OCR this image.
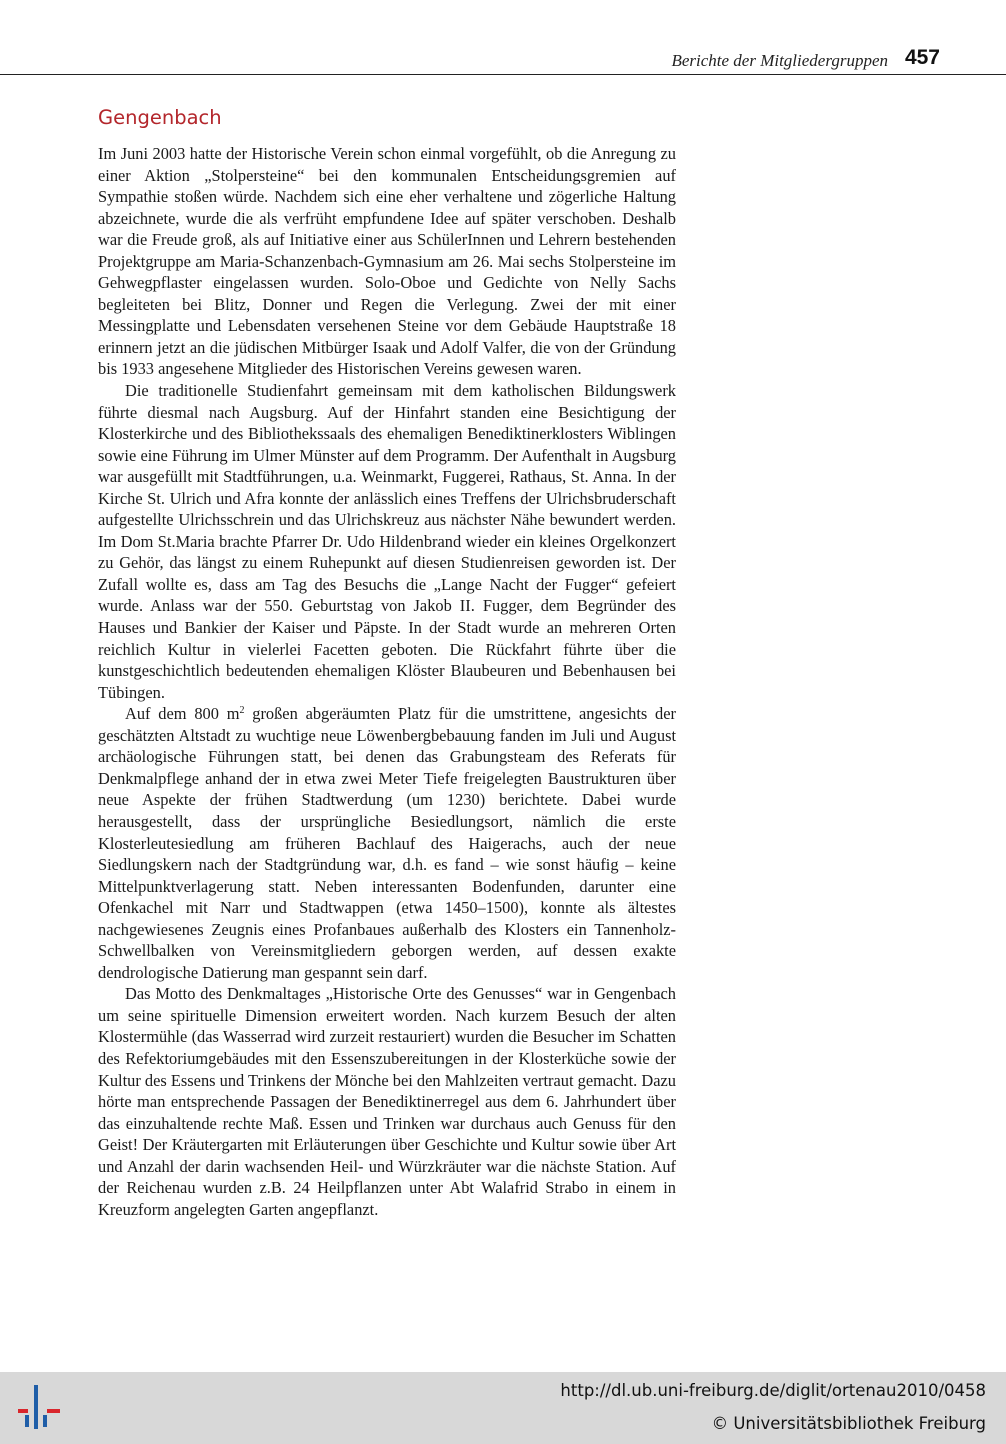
Berichte der Mitgliedergruppen 457
Gengenbach

Im Juni 2003 hatte der Historische Verein schon einmal vorgefühlt, ob die Anregung zu einer Aktion „Stolpersteine“ bei den kommunalen Entscheidungsgremien auf Sympathie stoßen würde. Nachdem sich eine eher verhaltene und zögerliche Haltung abzeichnete, wurde die als verfrüht empfundene Idee auf später verschoben. Deshalb war die Freude groß, als auf Initiative einer aus SchülerInnen und Lehrern bestehenden Projektgruppe am Maria-Schanzenbach-Gymnasium am 26. Mai sechs Stolpersteine im Gehwegpflaster eingelassen wurden. Solo-Oboe und Gedichte von Nelly Sachs begleiteten bei Blitz, Donner und Regen die Verlegung. Zwei der mit einer Messingplatte und Lebensdaten versehenen Steine vor dem Gebäude Hauptstraße 18 erinnern jetzt an die jüdischen Mitbürger Isaak und Adolf Valfer, die von der Gründung bis 1933 angesehene Mitglieder des Historischen Vereins gewesen waren.

Die traditionelle Studienfahrt gemeinsam mit dem katholischen Bildungswerk führte diesmal nach Augsburg. Auf der Hinfahrt standen eine Besichtigung der Klosterkirche und des Bibliothekssaals des ehemaligen Benediktinerklosters Wiblingen sowie eine Führung im Ulmer Münster auf dem Programm. Der Aufenthalt in Augsburg war ausgefüllt mit Stadtführungen, u.a. Weinmarkt, Fuggerei, Rathaus, St. Anna. In der Kirche St. Ulrich und Afra konnte der anlässlich eines Treffens der Ulrichsbruderschaft aufgestellte Ulrichsschrein und das Ulrichskreuz aus nächster Nähe bewundert werden. Im Dom St.Maria brachte Pfarrer Dr. Udo Hildenbrand wieder ein kleines Orgelkonzert zu Gehör, das längst zu einem Ruhepunkt auf diesen Studienreisen geworden ist. Der Zufall wollte es, dass am Tag des Besuchs die „Lange Nacht der Fugger“ gefeiert wurde. Anlass war der 550. Geburtstag von Jakob II. Fugger, dem Begründer des Hauses und Bankier der Kaiser und Päpste. In der Stadt wurde an mehreren Orten reichlich Kultur in vielerlei Facetten geboten. Die Rückfahrt führte über die kunstgeschichtlich bedeutenden ehemaligen Klöster Blaubeuren und Bebenhausen bei Tübingen.

Auf dem 800 $m^2$ großen abgeräumten Platz für die umstrittene, angesichts der geschätzten Altstadt zu wuchtige neue Löwenbergbebauung fanden im Juli und August archäologische Führungen statt, bei denen das Grabungsteam des Referats für Denkmalpflege anhand der in etwa zwei Meter Tiefe freigelegten Baustrukturen über neue Aspekte der frühen Stadtwerdung (um 1230) berichtete. Dabei wurde herausgestellt, dass der ursprüngliche Besiedlungsort, nämlich die erste Klosterleutesiedlung am früheren Bachlauf des Haigerachs, auch der neue Siedlungskern nach der Stadtgründung war, d.h. es fand – wie sonst häufig – keine Mittelpunktverlagerung statt. Neben interessanten Bodenfunden, darunter eine Ofenkachel mit Narr und Stadtwappen (etwa 1450–1500), konnte als ältestes nachgewiesenes Zeugnis eines Profanbaues außerhalb des Klosters ein Tannenholz-Schwellbalken von Vereinsmitgliedern geborgen werden, auf dessen exakte dendrologische Datierung man gespannt sein darf.

Das Motto des Denkmaltages „Historische Orte des Genusses“ war in Gengenbach um seine spirituelle Dimension erweitert worden. Nach kurzem Besuch der alten Klostermühle (das Wasserrad wird zurzeit restauriert) wurden die Besucher im Schatten des Refektoriumgebäudes mit den Essenszubereitungen in der Klosterküche sowie der Kultur des Essens und Trinkens der Mönche bei den Mahlzeiten vertraut gemacht. Dazu hörte man entsprechende Passagen der Benediktinerregel aus dem 6. Jahrhundert über das einzuhaltende rechte Maß. Essen und Trinken war durchaus auch Genuss für den Geist! Der Kräutergarten mit Erläuterungen über Geschichte und Kultur sowie über Art und Anzahl der darin wachsenden Heil- und Würzkräuter war die nächste Station. Auf der Reichenau wurden z.B. 24 Heilpflanzen unter Abt Walafrid Strabo in einem in Kreuzform angelegten Garten angepflanzt.

http://dl.ub.uni-freiburg.de/diglit/ortenau2010/0458
© Universitätsbibliothek Freiburg
